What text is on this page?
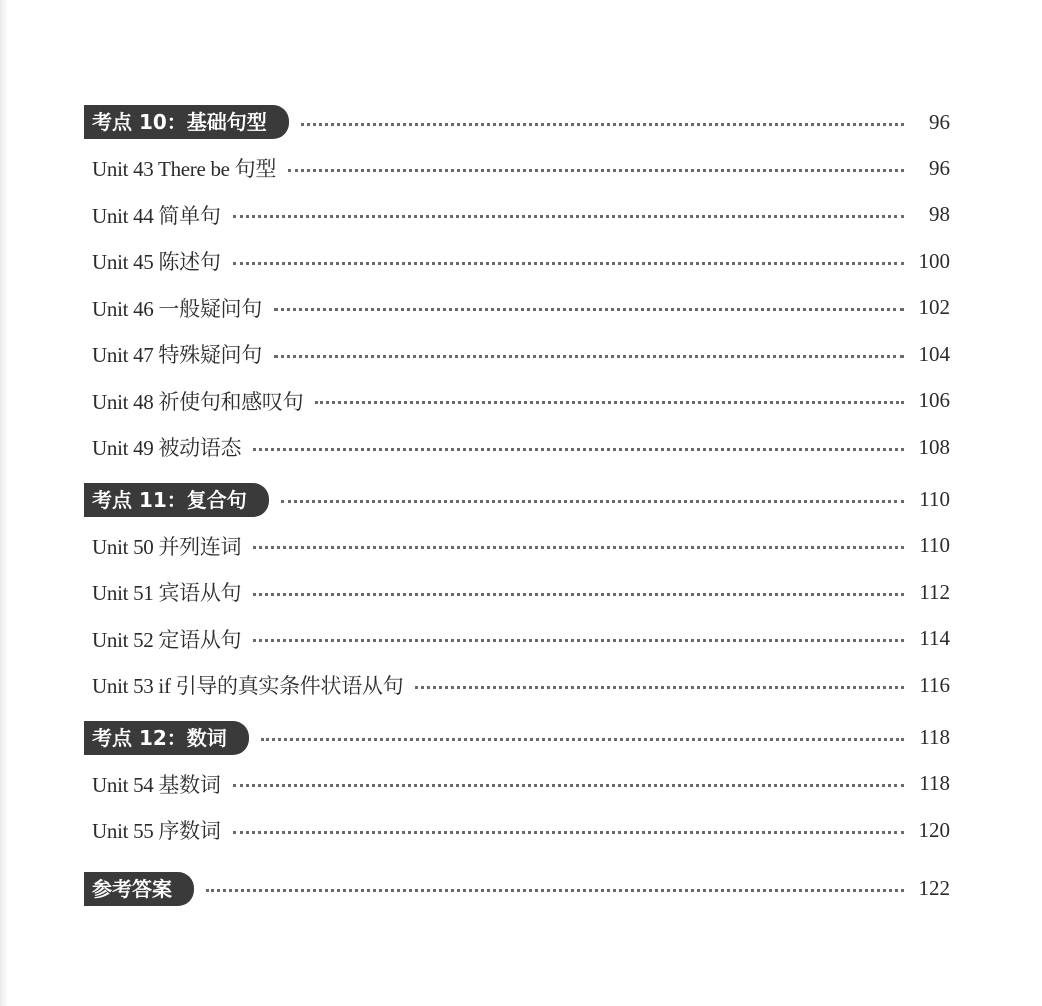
考点 10：基础句型	96
Unit 43 There be 句型	96
Unit 44 简单句	98
Unit 45 陈述句	100
Unit 46 一般疑问句	102
Unit 47 特殊疑问句	104
Unit 48 祈使句和感叹句	106
Unit 49 被动语态	108
考点 11：复合句	110
Unit 50 并列连词	110
Unit 51 宾语从句	112
Unit 52 定语从句	114
Unit 53 if 引导的真实条件状语从句	116
考点 12：数词	118
Unit 54 基数词	118
Unit 55 序数词	120
参考答案	122
